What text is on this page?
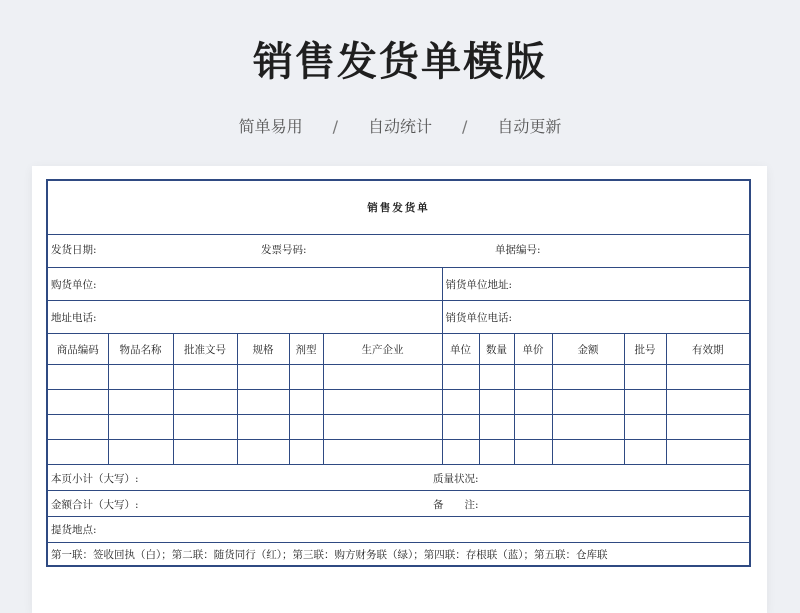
销售发货单模版
简单易用 / 自动统计 / 自动更新
销售发货单											

发货日期: 发票号码: 单据编号:											

购货单位:						销货单位地址:					
地址电话:						销货单位电话:					
商品编码	物品名称	批准文号	规格	剂型	生产企业	单位	数量	单价	金额	批号	有效期

本页小计（大写）: 质量状况:											

金额合计（大写）: 备　　注:											

提货地点:											
第一联：签收回执（白）；第二联：随货同行（红）；第三联：购方财务联（绿）；第四联：存根联（蓝）；第五联：仓库联											
